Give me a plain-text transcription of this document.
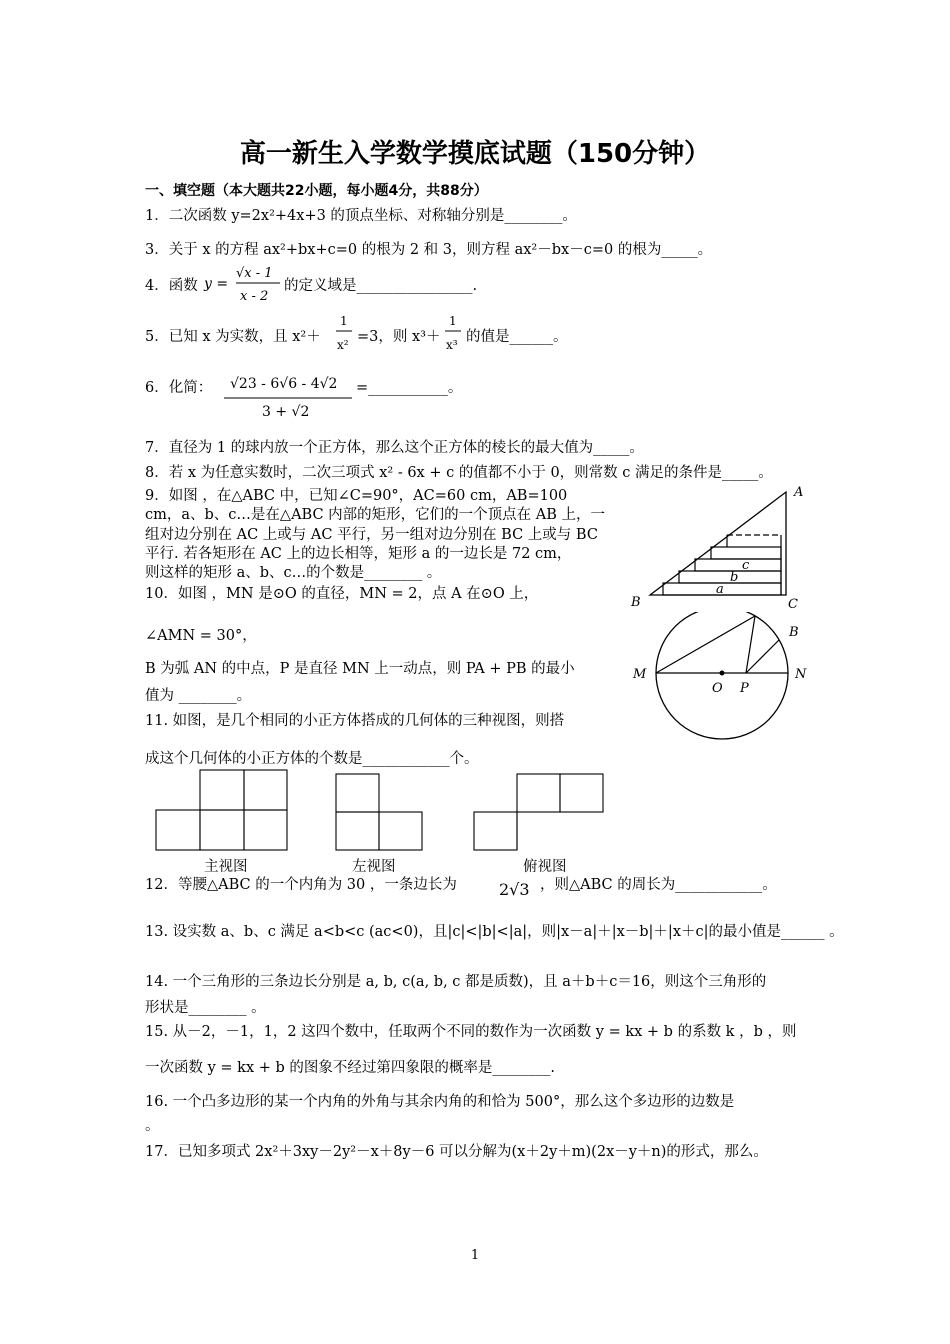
高一新生入学数学摸底试题（150分钟）
一、填空题（本大题共22小题，每小题4分，共88分）
1．二次函数 y=2x²+4x+3 的顶点坐标、对称轴分别是________。
3．关于 x 的方程 ax²+bx+c=0 的根为 2 和 3，则方程 ax²－bx－c=0 的根为_____。
4．函数 y =
√x - 1
x - 2
的定义域是________________.
5．已知 x 为实数，且 x²＋
1
x² =3，则 x³＋
1
x³ 的值是______。
6．化简： √23 - 6√6 - 4√2
3 + √2
=___________。
7．直径为 1 的球内放一个正方体，那么这个正方体的棱长的最大值为_____。
8．若 x 为任意实数时，二次三项式 x² - 6x + c 的值都不小于 0，则常数 c 满足的条件是_____。
9．如图 ，在△ABC 中，已知∠C=90°，AC=60 cm，AB=100
cm，a、b、c…是在△ABC 内部的矩形，它们的一个顶点在 AB 上，一
组对边分别在 AC 上或与 AC 平行，另一组对边分别在 BC 上或与 BC
平行. 若各矩形在 AC 上的边长相等，矩形 a 的一边长是 72 cm，
则这样的矩形 a、b、c…的个数是________ 。
10．如图 ，MN 是⊙O 的直径，MN = 2，点 A 在⊙O 上，
∠AMN = 30°，
B 为弧 AN 的中点，P 是直径 MN 上一动点，则 PA + PB 的最小
值为 ________。
11. 如图，是几个相同的小正方体搭成的几何体的三种视图，则搭
成这个几何体的小正方体的个数是____________个。
A
B	C
a
b
c
M	N
O P
B
主视图	左视图	俯视图
12．等腰△ABC 的一个内角为 30 ，一条边长为	2√3 ，则△ABC 的周长为____________。
13. 设实数 a、b、c 满足 a<b<c (ac<0)，且|c|<|b|<|a|，则|x－a|＋|x－b|＋|x＋c|的最小值是______ 。
14. 一个三角形的三条边长分别是 a, b, c(a, b, c 都是质数)，且 a＋b＋c＝16，则这个三角形的
形状是________ 。
15. 从－2，－1，1，2 这四个数中，任取两个不同的数作为一次函数 y = kx + b 的系数 k ，b ，则
一次函数 y = kx + b 的图象不经过第四象限的概率是________.
16. 一个凸多边形的某一个内角的外角与其余内角的和恰为 500°，那么这个多边形的边数是
。
17．已知多项式 2x²＋3xy－2y²－x＋8y－6 可以分解为(x＋2y＋m)(2x－y＋n)的形式，那么。
1
